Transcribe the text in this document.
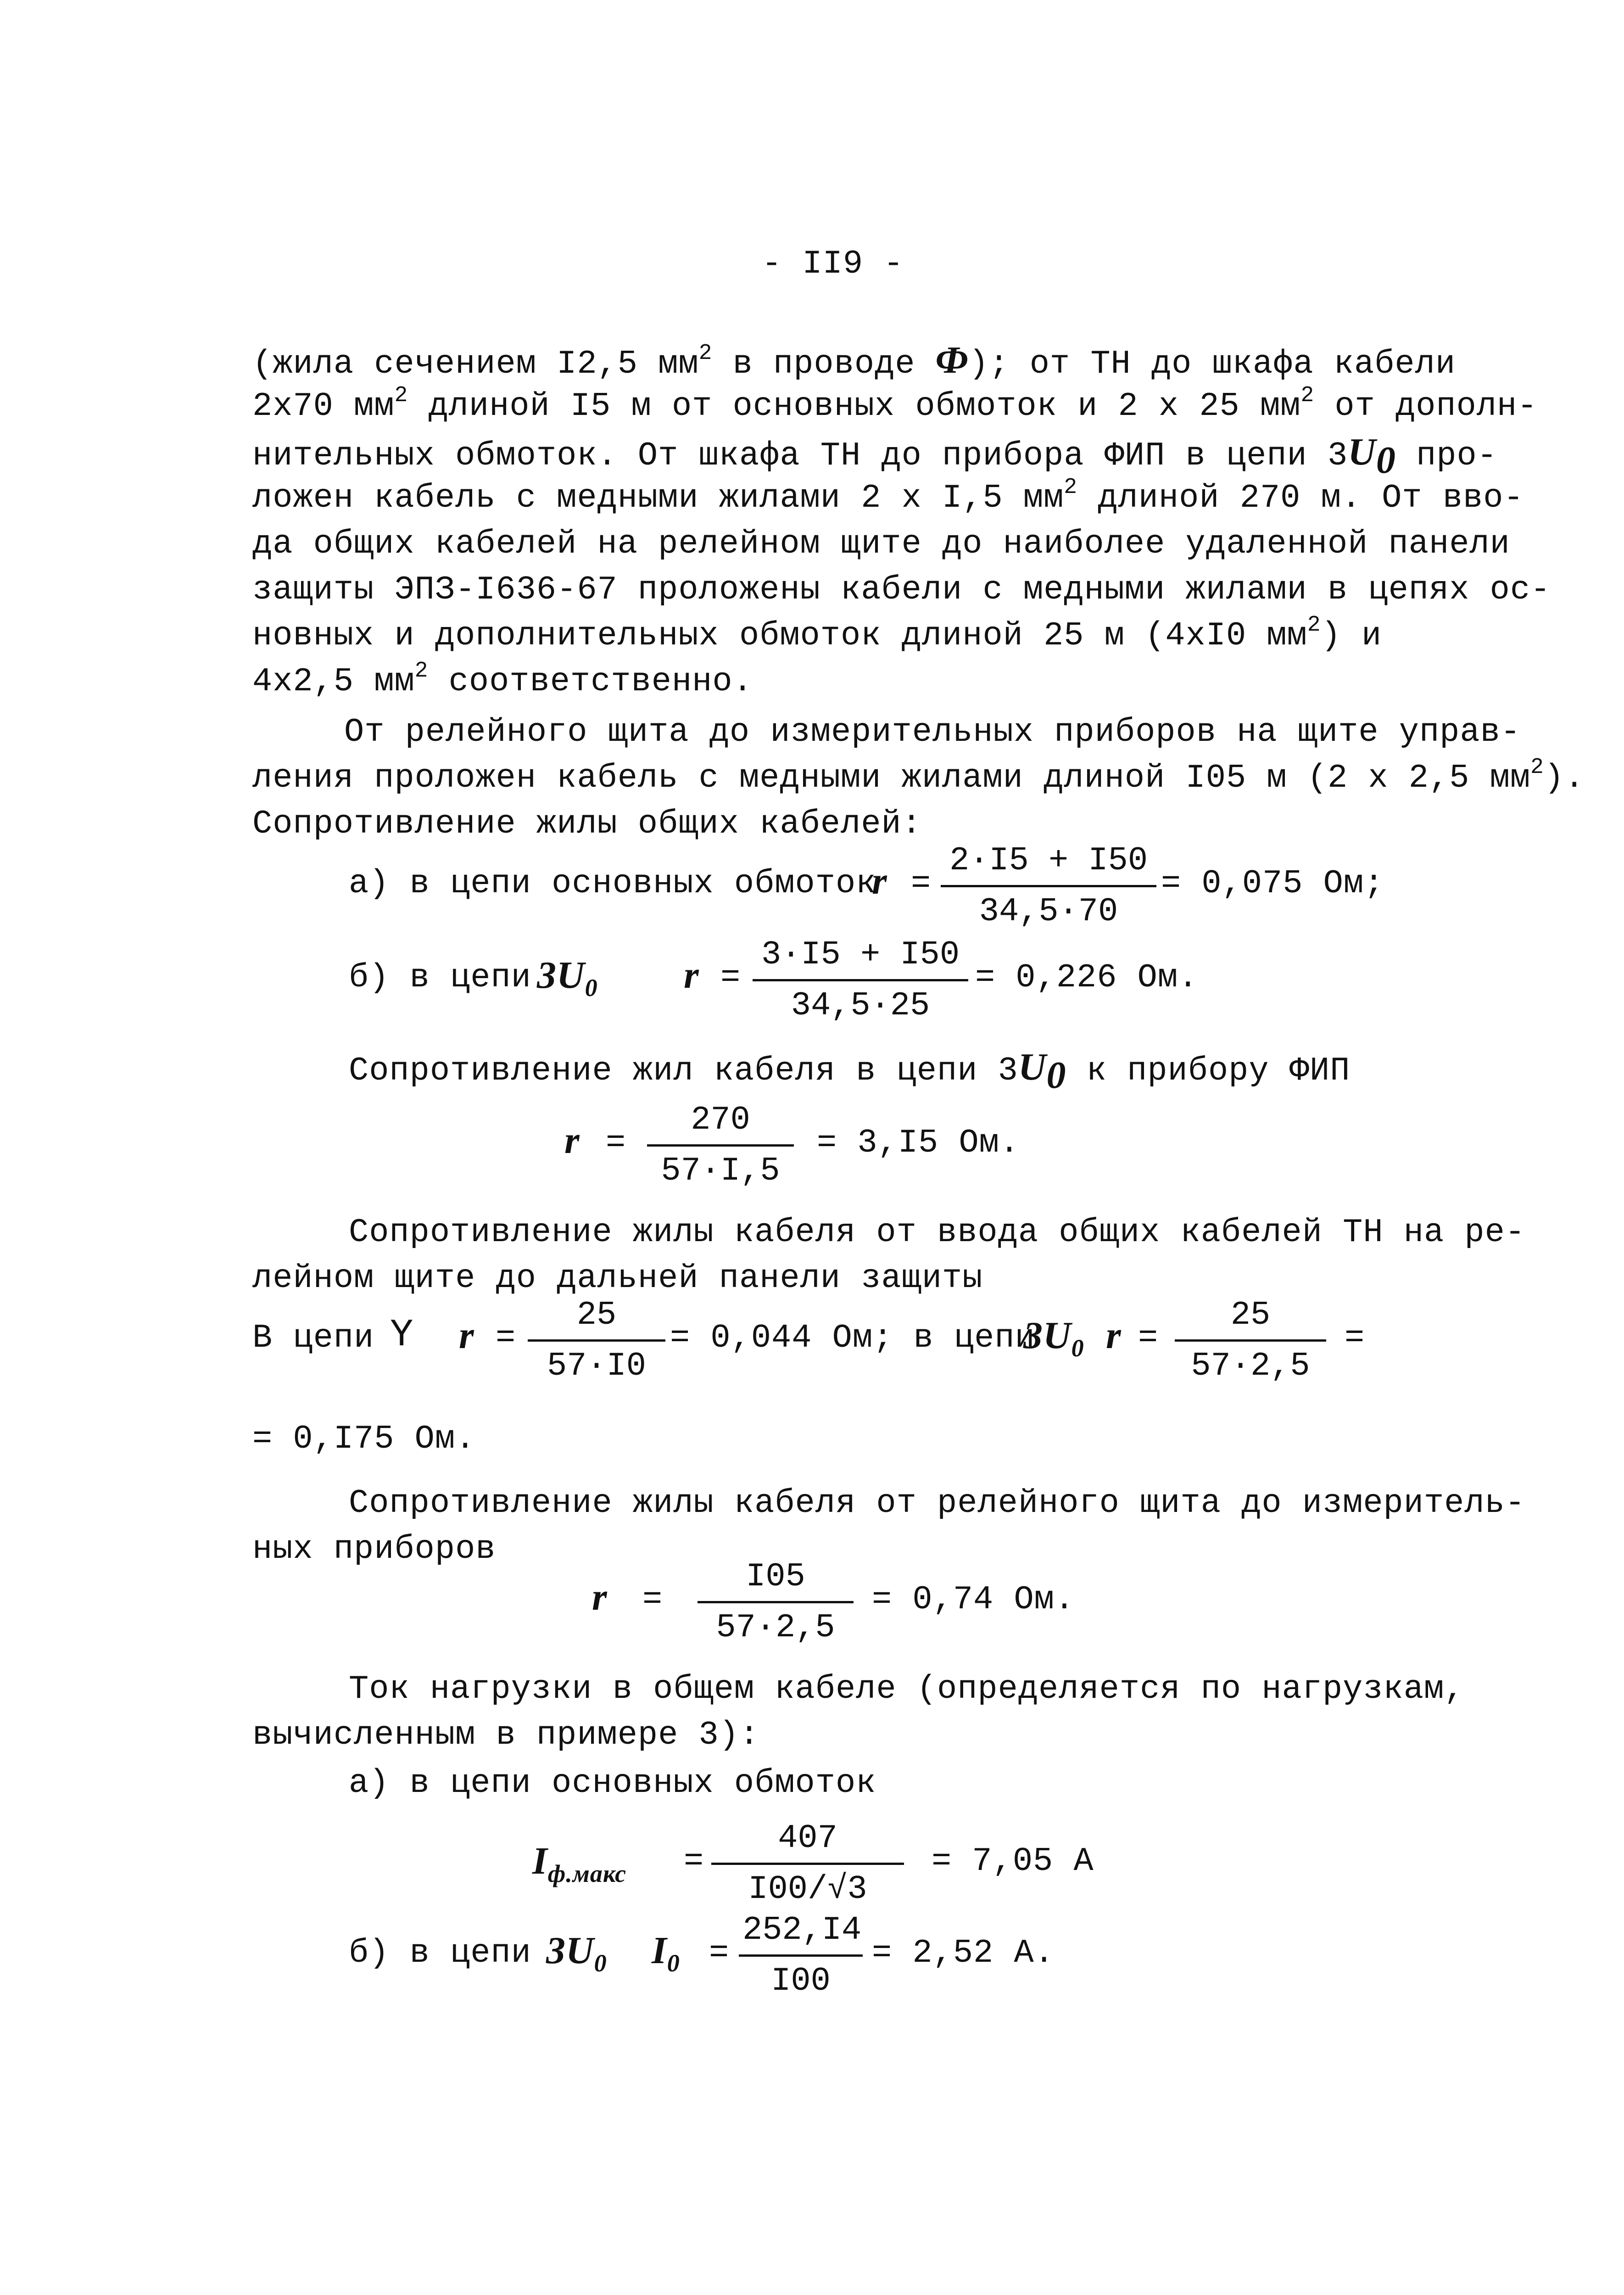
- II9 -
(жила сечением I2,5 $мм^2$ в проводе Ф); от ТН до шкафа кабели
2x70 $мм^2$ длиной I5 м от основных обмоток и 2 x 25 $мм^2$ от дополн-
нительных обмоток. От шкафа ТН до прибора ФИП в цепи $3U_0$ про-
ложен кабель с медными жилами 2 x I,5 $мм^2$ длиной 270 м. От вво-
да общих кабелей на релейном щите до наиболее удаленной панели
защиты ЭПЗ-I636-67 проложены кабели с медными жилами в цепях ос-
новных и дополнительных обмоток длиной 25 м (4xI0 $мм^2$) и
4x2,5 $мм^2$ соответственно.
От релейного щита до измерительных приборов на щите управ-
ления проложен кабель с медными жилами длиной I05 м (2 x 2,5 $мм^2$).
Сопротивление жилы общих кабелей:
а) в цепи основных обмоток
$r = \frac{2\cdot I5 + I50}{34,5\cdot 70} = 0,075$ Ом;
б) в цепи $3U_0$ $r = \frac{3\cdot I5 + I50}{34,5\cdot 25} = 0,226$ Ом.
Сопротивление жил кабеля в цепи $3U_0$ к прибору ФИП
$r = \frac{270}{57\cdot I,5} = 3,I5$ Ом.
Сопротивление жилы кабеля от ввода общих кабелей ТН на ре-
лейном щите до дальней панели защиты
В цепи Y $r = \frac{25}{57\cdot I0} = 0,044$ Ом; в цепи
$3U_0$ $r = \frac{25}{57\cdot 2,5}$ =
= 0,I75 Ом.
Сопротивление жилы кабеля от релейного щита до измеритель-
ных приборов
$r = \frac{I05}{57\cdot 2,5} = 0,74$ Ом.
Ток нагрузки в общем кабеле (определяется по нагрузкам,
вычисленным в примере 3):
а) в цепи основных обмоток
$I_{ф.макс} = \frac{407}{I00/√3} = 7,05$ А
б) в цепи $3U_0$ $I_0 = \frac{252,I4}{I00} = 2,52$ А.
